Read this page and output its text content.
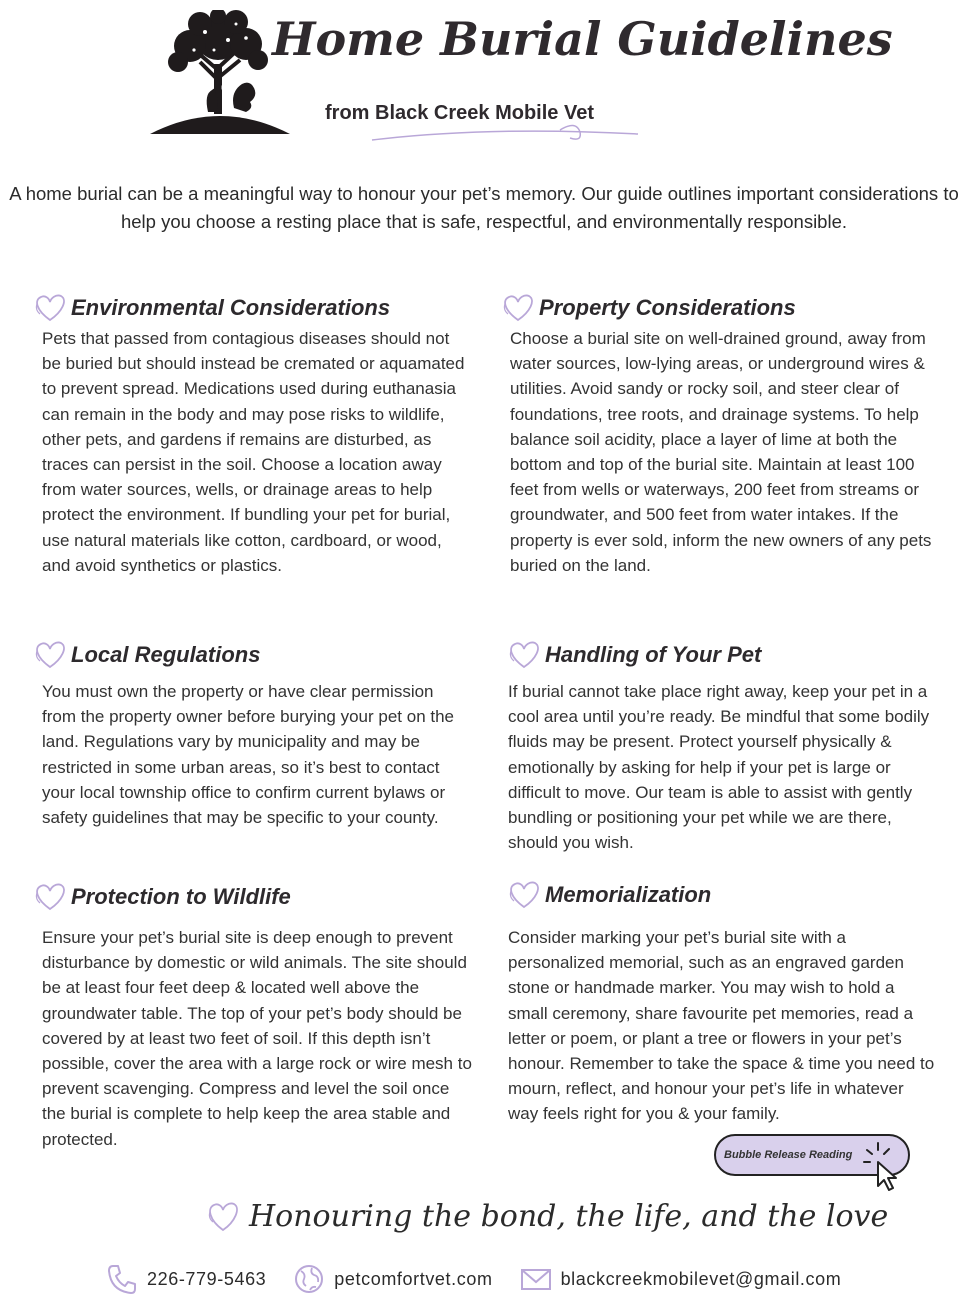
Home Burial Guidelines
from Black Creek Mobile Vet
A home burial can be a meaningful way to honour your pet’s memory. Our guide outlines important considerations to help you choose a resting place that is safe, respectful, and environmentally responsible.
Environmental Considerations
Pets that passed from contagious diseases should not be buried but should instead be cremated or aquamated to prevent spread. Medications used during euthanasia can remain in the body and may pose risks to wildlife, other pets, and gardens if remains are disturbed, as traces can persist in the soil. Choose a location away from water sources, wells, or drainage areas to help protect the environment. If bundling your pet for burial, use natural materials like cotton, cardboard, or wood, and avoid synthetics or plastics.
Property Considerations
Choose a burial site on well-drained ground, away from water sources, low-lying areas, or underground wires & utilities. Avoid sandy or rocky soil, and steer clear of foundations, tree roots, and drainage systems. To help balance soil acidity, place a layer of lime at both the bottom and top of the burial site. Maintain at least 100 feet from wells or waterways, 200 feet from streams or groundwater, and 500 feet from water intakes. If the property is ever sold, inform the new owners of any pets buried on the land.
Local Regulations
You must own the property or have clear permission from the property owner before burying your pet on the land. Regulations vary by municipality and may be restricted in some urban areas, so it’s best to contact your local township office to confirm current bylaws or safety guidelines that may be specific to your county.
Handling of Your Pet
If burial cannot take place right away, keep your pet in a cool area until you’re ready. Be mindful that some bodily fluids may be present. Protect yourself physically & emotionally by asking for help if your pet is large or difficult to move. Our team is able to assist with gently bundling or positioning your pet while we are there, should you wish.
Protection to Wildlife
Ensure your pet’s burial site is deep enough to prevent disturbance by domestic or wild animals. The site should be at least four feet deep & located well above the groundwater table. The top of your pet’s body should be covered by at least two feet of soil. If this depth isn’t possible, cover the area with a large rock or wire mesh to prevent scavenging. Compress and level the soil once the burial is complete to help keep the area stable and protected.
Memorialization
Consider marking your pet’s burial site with a personalized memorial, such as an engraved garden stone or handmade marker. You may wish to hold a small ceremony, share favourite pet memories, read a letter or poem, or plant a tree or flowers in your pet’s honour. Remember to take the space & time you need to mourn, reflect, and honour your pet’s life in whatever way feels right for you & your family.
Bubble Release Reading
Honouring the bond, the life, and the love
226-779-5463	petcomfortvet.com	blackcreekmobilevet@gmail.com
